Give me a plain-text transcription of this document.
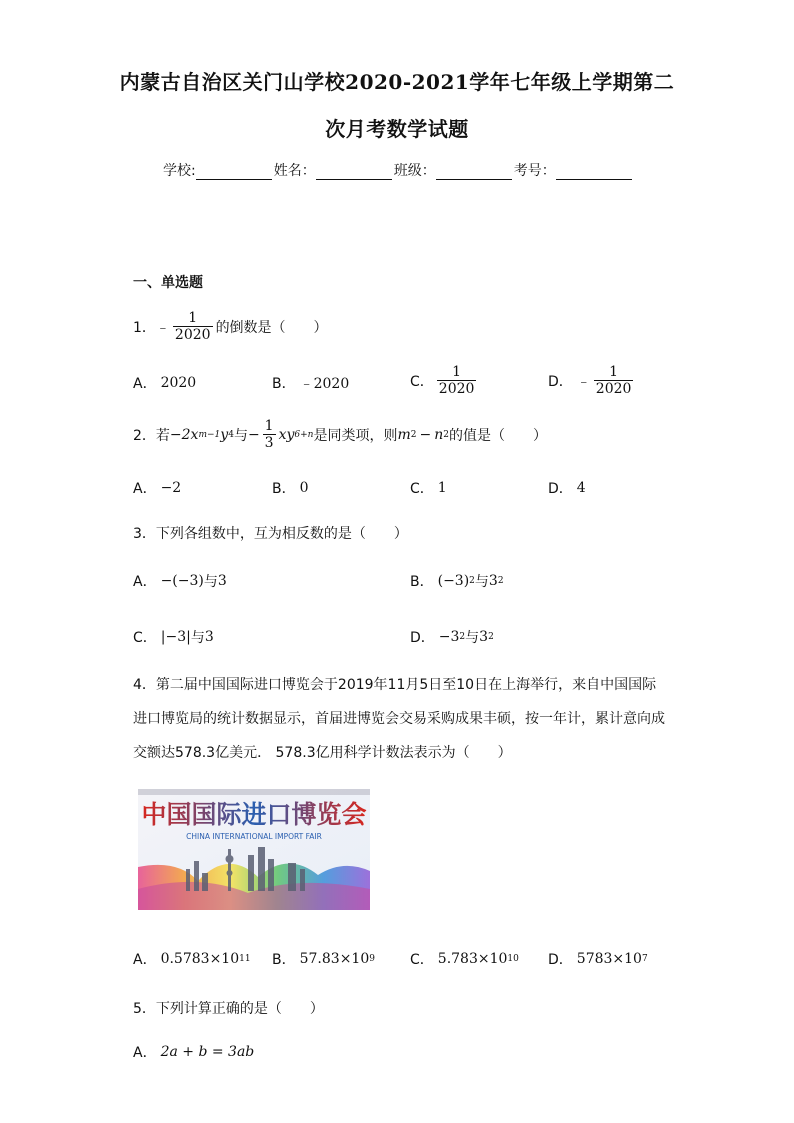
内蒙古自治区关门山学校2020-2021学年七年级上学期第二
次月考数学试题
学校:	姓名：	班级：	考号：
一、单选题
1． ﹣ $\frac{1}{2020}$ 的倒数是（　　）
A． 2020	B． ﹣2020	C． $\frac{1}{2020}$	D． ﹣ $\frac{1}{2020}$
2． 若 −2x m−1 y 4 与 − $\frac{1}{3}$ xy 6+n 是同类项，则 m 2 − n 2 的值是（　　）
A． −2	B． 0	C． 1	D． 4
3．下列各组数中，互为相反数的是（　　）
A． −(−3) 与 3	B． (−3) 2 与 3 2
C． |−3| 与 3	D． −3 2 与 3 2
4．第二届中国国际进口博览会于2019年11月5日至10日在上海举行，来自中国国际
进口博览局的统计数据显示，首届进博览会交易采购成果丰硕，按一年计，累计意向成
交额达578.3亿美元． 578.3亿用科学计数法表示为（　　）
中国国际进口博览会
CHINA INTERNATIONAL IMPORT FAIR
A． 0.5783×10 11 B． 57.83×10 9	C． 5.783×10 10 D． 5783×10 7
5．下列计算正确的是（　　）
A． 2a + b = 3ab
